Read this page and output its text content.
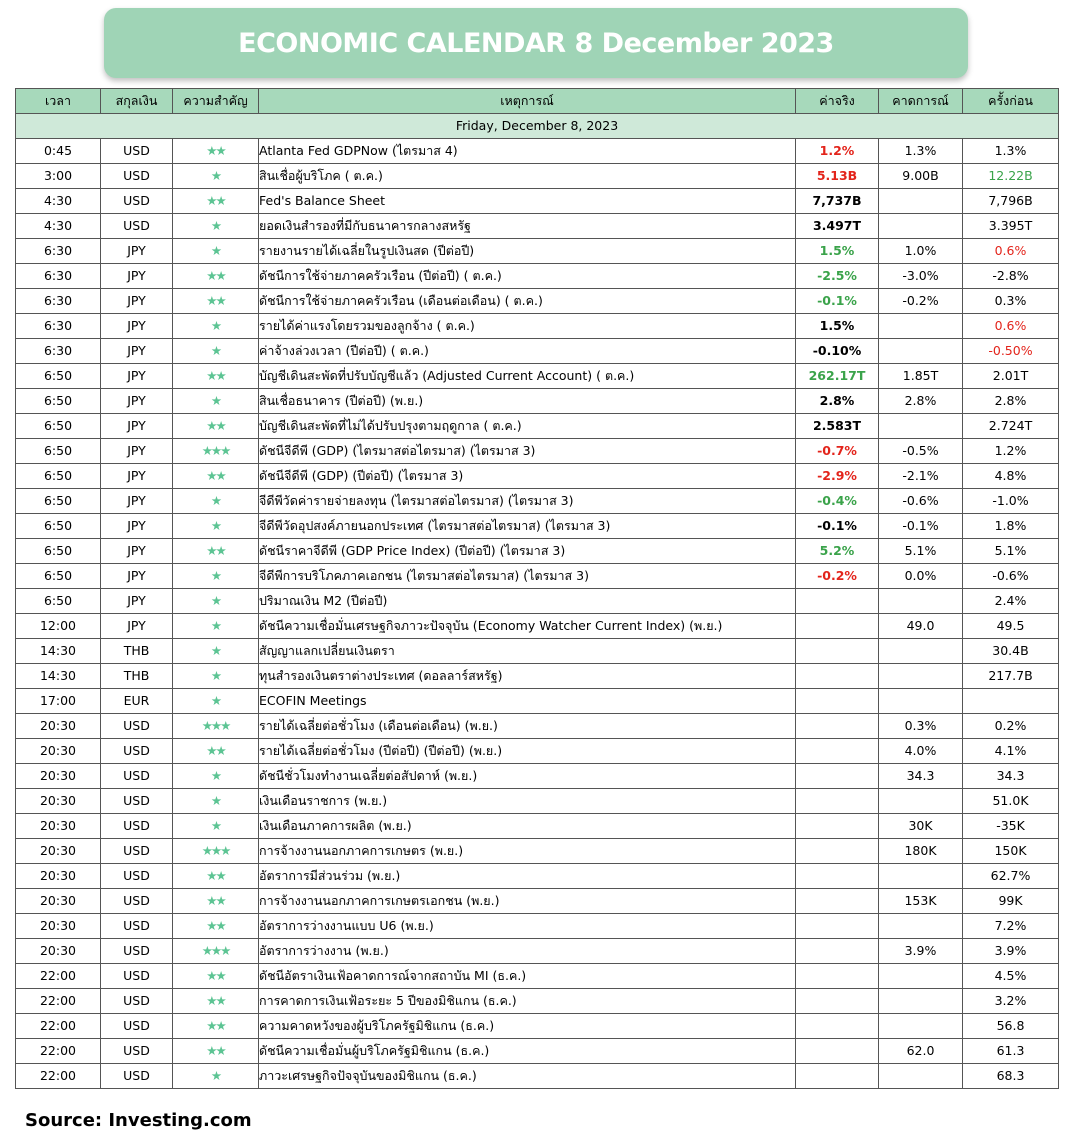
ECONOMIC CALENDAR 8 December 2023
เวลา	สกุลเงิน	ความสำคัญ	เหตุการณ์	ค่าจริง	คาดการณ์	ครั้งก่อน
Friday, December 8, 2023						
0:45	USD	★★	Atlanta Fed GDPNow (ไตรมาส 4)	1.2%	1.3%	1.3%
3:00	USD	★	สินเชื่อผู้บริโภค ( ต.ค.)	5.13B	9.00B	12.22B
4:30	USD	★★	Fed's Balance Sheet	7,737B		7,796B
4:30	USD	★	ยอดเงินสำรองที่มีกับธนาคารกลางสหรัฐ	3.497T		3.395T
6:30	JPY	★	รายงานรายได้เฉลี่ยในรูปเงินสด (ปีต่อปี)	1.5%	1.0%	0.6%
6:30	JPY	★★	ดัชนีการใช้จ่ายภาคครัวเรือน (ปีต่อปี) ( ต.ค.)	-2.5%	-3.0%	-2.8%
6:30	JPY	★★	ดัชนีการใช้จ่ายภาคครัวเรือน (เดือนต่อเดือน) ( ต.ค.)	-0.1%	-0.2%	0.3%
6:30	JPY	★	รายได้ค่าแรงโดยรวมของลูกจ้าง ( ต.ค.)	1.5%		0.6%
6:30	JPY	★	ค่าจ้างล่วงเวลา (ปีต่อปี) ( ต.ค.)	-0.10%		-0.50%
6:50	JPY	★★	บัญชีเดินสะพัดที่ปรับบัญชีแล้ว (Adjusted Current Account) ( ต.ค.)	262.17T	1.85T	2.01T
6:50	JPY	★	สินเชื่อธนาคาร (ปีต่อปี) (พ.ย.)	2.8%	2.8%	2.8%
6:50	JPY	★★	บัญชีเดินสะพัดที่ไม่ได้ปรับปรุงตามฤดูกาล ( ต.ค.)	2.583T		2.724T
6:50	JPY	★★★	ดัชนีจีดีพี (GDP) (ไตรมาสต่อไตรมาส) (ไตรมาส 3)	-0.7%	-0.5%	1.2%
6:50	JPY	★★	ดัชนีจีดีพี (GDP) (ปีต่อปี) (ไตรมาส 3)	-2.9%	-2.1%	4.8%
6:50	JPY	★	จีดีพีวัดค่ารายจ่ายลงทุน (ไตรมาสต่อไตรมาส) (ไตรมาส 3)	-0.4%	-0.6%	-1.0%
6:50	JPY	★	จีดีพีวัดอุปสงค์ภายนอกประเทศ (ไตรมาสต่อไตรมาส) (ไตรมาส 3)	-0.1%	-0.1%	1.8%
6:50	JPY	★★	ดัชนีราคาจีดีพี (GDP Price Index) (ปีต่อปี) (ไตรมาส 3)	5.2%	5.1%	5.1%
6:50	JPY	★	จีดีพีการบริโภคภาคเอกชน (ไตรมาสต่อไตรมาส) (ไตรมาส 3)	-0.2%	0.0%	-0.6%
6:50	JPY	★	ปริมาณเงิน M2 (ปีต่อปี)			2.4%
12:00	JPY	★	ดัชนีความเชื่อมั่นเศรษฐกิจภาวะปัจจุบัน (Economy Watcher Current Index) (พ.ย.)		49.0	49.5
14:30	THB	★	สัญญาแลกเปลี่ยนเงินตรา			30.4B
14:30	THB	★	ทุนสำรองเงินตราต่างประเทศ (ดอลลาร์สหรัฐ)			217.7B
17:00	EUR	★	ECOFIN Meetings			
20:30	USD	★★★	รายได้เฉลี่ยต่อชั่วโมง (เดือนต่อเดือน) (พ.ย.)		0.3%	0.2%
20:30	USD	★★	รายได้เฉลี่ยต่อชั่วโมง (ปีต่อปี) (ปีต่อปี) (พ.ย.)		4.0%	4.1%
20:30	USD	★	ดัชนีชั่วโมงทำงานเฉลี่ยต่อสัปดาห์ (พ.ย.)		34.3	34.3
20:30	USD	★	เงินเดือนราชการ (พ.ย.)			51.0K
20:30	USD	★	เงินเดือนภาคการผลิต (พ.ย.)		30K	-35K
20:30	USD	★★★	การจ้างงานนอกภาคการเกษตร (พ.ย.)		180K	150K
20:30	USD	★★	อัตราการมีส่วนร่วม (พ.ย.)			62.7%
20:30	USD	★★	การจ้างงานนอกภาคการเกษตรเอกชน (พ.ย.)		153K	99K
20:30	USD	★★	อัตราการว่างงานแบบ U6 (พ.ย.)			7.2%
20:30	USD	★★★	อัตราการว่างงาน (พ.ย.)		3.9%	3.9%
22:00	USD	★★	ดัชนีอัตราเงินเฟ้อคาดการณ์จากสถาบัน MI (ธ.ค.)			4.5%
22:00	USD	★★	การคาดการเงินเฟ้อระยะ 5 ปีของมิชิแกน (ธ.ค.)			3.2%
22:00	USD	★★	ความคาดหวังของผู้บริโภครัฐมิชิแกน (ธ.ค.)			56.8
22:00	USD	★★	ดัชนีความเชื่อมั่นผู้บริโภครัฐมิชิแกน (ธ.ค.)		62.0	61.3
22:00	USD	★	ภาวะเศรษฐกิจปัจจุบันของมิชิแกน (ธ.ค.)			68.3
Source: Investing.com
